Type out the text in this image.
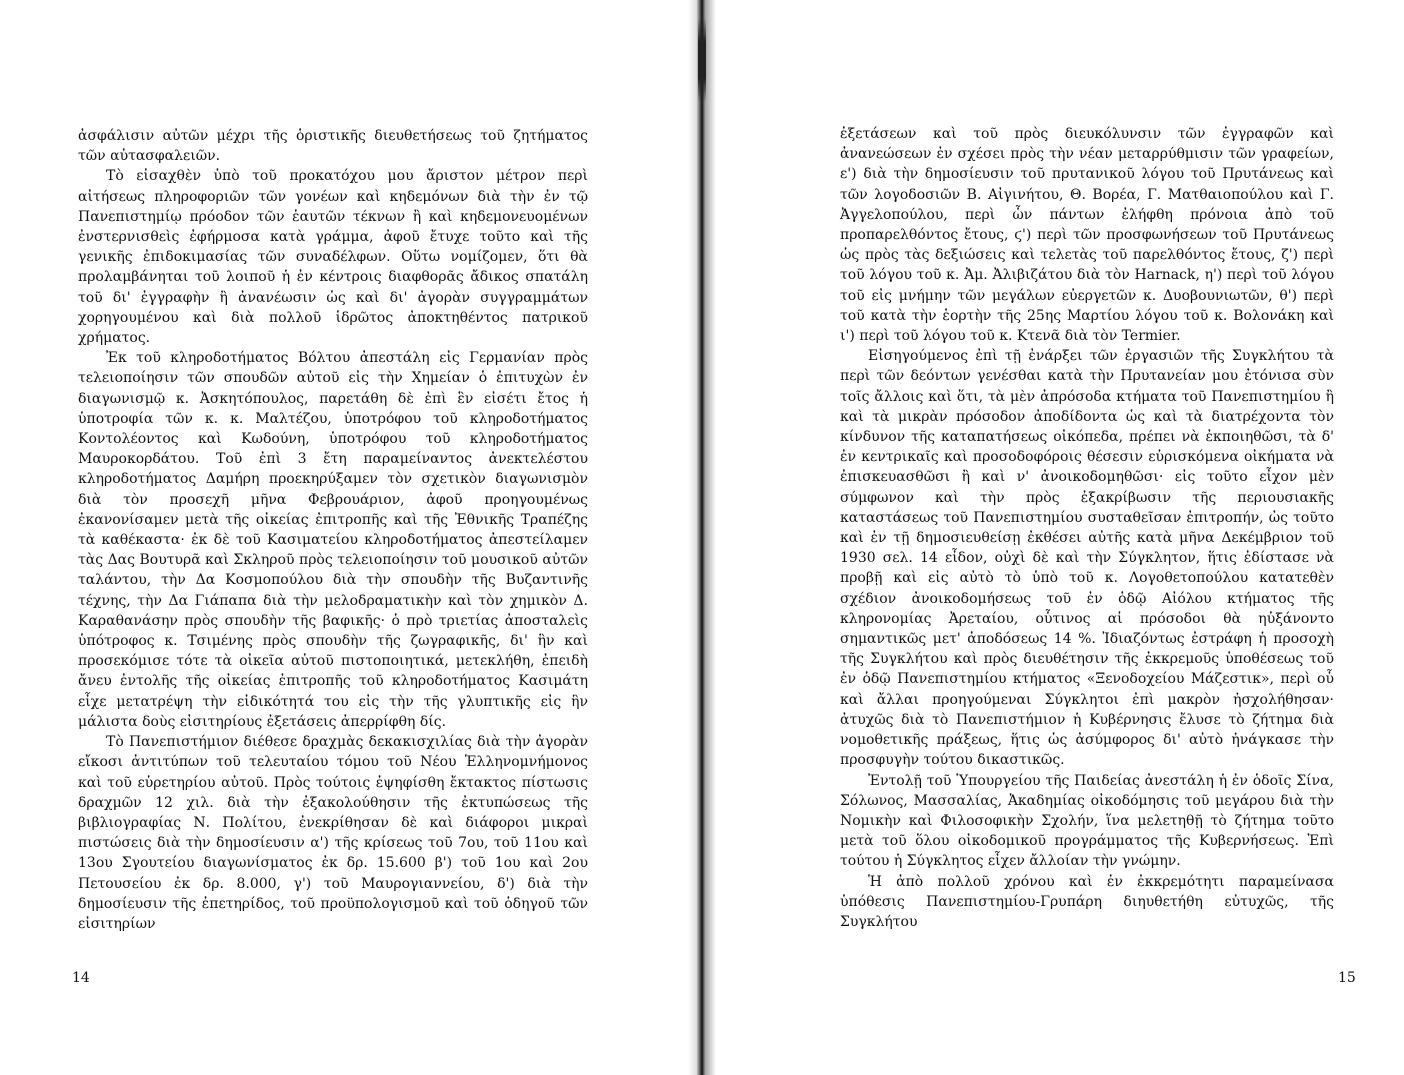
ἀσφάλισιν αὐτῶν μέχρι τῆς ὁριστικῆς διευθετήσεως τοῦ ζητήματος τῶν αὐτασφαλειῶν.

Τὸ εἰσαχθὲν ὑπὸ τοῦ προκατόχου μου ἄριστον μέτρον περὶ αἰτήσεως πληροφοριῶν τῶν γονέων καὶ κηδεμόνων διὰ τὴν ἐν τῷ Πανεπιστημίῳ πρόοδον τῶν ἑαυτῶν τέκνων ἢ καὶ κηδεμονευομένων ἐνστερνισθεὶς ἐφήρμοσα κατὰ γράμμα, ἀφοῦ ἔτυχε τοῦτο καὶ τῆς γενικῆς ἐπιδοκιμασίας τῶν συναδέλφων. Οὕτω νομίζομεν, ὅτι θὰ προλαμβάνηται τοῦ λοιποῦ ἡ ἐν κέντροις διαφθορᾶς ἄδικος σπατάλη τοῦ δι' ἐγγραφὴν ἢ ἀνανέωσιν ὡς καὶ δι' ἀγορὰν συγγραμμάτων χορηγουμένου καὶ διὰ πολλοῦ ἱδρῶτος ἀποκτηθέντος πατρικοῦ χρήματος.

Ἐκ τοῦ κληροδοτήματος Βόλτου ἀπεστάλη εἰς Γερμανίαν πρὸς τελειοποίησιν τῶν σπουδῶν αὐτοῦ εἰς τὴν Χημείαν ὁ ἐπιτυχὼν ἐν διαγωνισμῷ κ. Ἀσκητόπουλος, παρετάθη δὲ ἐπὶ ἓν εἰσέτι ἔτος ἡ ὑποτροφία τῶν κ. κ. Μαλτέζου, ὑποτρόφου τοῦ κληροδοτήματος Κοντολέοντος καὶ Κωδούνη, ὑποτρόφου τοῦ κληροδοτήματος Μαυροκορδάτου. Τοῦ ἐπὶ 3 ἔτη παραμείναντος ἀνεκτελέστου κληροδοτήματος Δαμήρη προεκηρύξαμεν τὸν σχετικὸν διαγωνισμὸν διὰ τὸν προσεχῆ μῆνα Φεβρουάριον, ἀφοῦ προηγουμένως ἐκανονίσαμεν μετὰ τῆς οἰκείας ἐπιτροπῆς καὶ τῆς Ἐθνικῆς Τραπέζης τὰ καθέκαστα· ἐκ δὲ τοῦ Κασιματείου κληροδοτήματος ἀπεστείλαμεν τὰς Δας Βουτυρᾶ καὶ Σκληροῦ πρὸς τελειοποίησιν τοῦ μουσικοῦ αὐτῶν ταλάντου, τὴν Δα Κοσμοπούλου διὰ τὴν σπουδὴν τῆς Βυζαντινῆς τέχνης, τὴν Δα Γιάπαπα διὰ τὴν μελοδραματικὴν καὶ τὸν χημικὸν Δ. Καραθανάσην πρὸς σπουδὴν τῆς βαφικῆς· ὁ πρὸ τριετίας ἀποσταλεὶς ὑπότροφος κ. Τσιμένης πρὸς σπουδὴν τῆς ζωγραφικῆς, δι' ἣν καὶ προσεκόμισε τότε τὰ οἰκεῖα αὐτοῦ πιστοποιητικά, μετεκλήθη, ἐπειδὴ ἄνευ ἐντολῆς τῆς οἰκείας ἐπιτροπῆς τοῦ κληροδοτήματος Κασιμάτη εἶχε μετατρέψη τὴν εἰδικότητά του εἰς τὴν τῆς γλυπτικῆς εἰς ἣν μάλιστα δοὺς εἰσιτηρίους ἐξετάσεις ἀπερρίφθη δίς.

Τὸ Πανεπιστήμιον διέθεσε δραχμὰς δεκακισχιλίας διὰ τὴν ἀγορὰν εἴκοσι ἀντιτύπων τοῦ τελευταίου τόμου τοῦ Νέου Ἑλληνομνήμονος καὶ τοῦ εὑρετηρίου αὐτοῦ. Πρὸς τούτοις ἐψηφίσθη ἔκτακτος πίστωσις δραχμῶν 12 χιλ. διὰ τὴν ἐξακολούθησιν τῆς ἐκτυπώσεως τῆς βιβλιογραφίας Ν. Πολίτου, ἐνεκρίθησαν δὲ καὶ διάφοροι μικραὶ πιστώσεις διὰ τὴν δημοσίευσιν α') τῆς κρίσεως τοῦ 7ου, τοῦ 11ου καὶ 13ου Σγουτείου διαγωνίσματος ἐκ δρ. 15.600 β') τοῦ 1ου καὶ 2ου Πετουσείου ἐκ δρ. 8.000, γ') τοῦ Μαυρογιαννείου, δ') διὰ τὴν δημοσίευσιν τῆς ἐπετηρίδος, τοῦ προϋπολογισμοῦ καὶ τοῦ ὁδηγοῦ τῶν εἰσιτηρίων

14

ἐξετάσεων καὶ τοῦ πρὸς διευκόλυνσιν τῶν ἐγγραφῶν καὶ ἀνανεώσεων ἐν σχέσει πρὸς τὴν νέαν μεταρρύθμισιν τῶν γραφείων, ε') διὰ τὴν δημοσίευσιν τοῦ πρυτανικοῦ λόγου τοῦ Πρυτάνεως καὶ τῶν λογοδοσιῶν Β. Αἰγινήτου, Θ. Βορέα, Γ. Ματθαιοπούλου καὶ Γ. Ἀγγελοπούλου, περὶ ὧν πάντων ἐλήφθη πρόνοια ἀπὸ τοῦ προπαρελθόντος ἔτους, ϛ') περὶ τῶν προσφωνήσεων τοῦ Πρυτάνεως ὡς πρὸς τὰς δεξιώσεις καὶ τελετὰς τοῦ παρελθόντος ἔτους, ζ') περὶ τοῦ λόγου τοῦ κ. Ἀμ. Ἀλιβιζάτου διὰ τὸν Harnack, η') περὶ τοῦ λόγου τοῦ εἰς μνήμην τῶν μεγάλων εὐεργετῶν κ. Δυοβουνιωτῶν, θ') περὶ τοῦ κατὰ τὴν ἑορτὴν τῆς 25ης Μαρτίου λόγου τοῦ κ. Βολονάκη καὶ ι') περὶ τοῦ λόγου τοῦ κ. Κτενᾶ διὰ τὸν Termier.

Εἰσηγούμενος ἐπὶ τῇ ἐνάρξει τῶν ἐργασιῶν τῆς Συγκλήτου τὰ περὶ τῶν δεόντων γενέσθαι κατὰ τὴν Πρυτανείαν μου ἐτόνισα σὺν τοῖς ἄλλοις καὶ ὅτι, τὰ μὲν ἀπρόσοδα κτήματα τοῦ Πανεπιστημίου ἢ καὶ τὰ μικρὰν πρόσοδον ἀποδίδοντα ὡς καὶ τὰ διατρέχοντα τὸν κίνδυνον τῆς καταπατήσεως οἰκόπεδα, πρέπει νὰ ἐκποιηθῶσι, τὰ δ' ἐν κεντρικαῖς καὶ προσοδοφόροις θέσεσιν εὑρισκόμενα οἰκήματα νὰ ἐπισκευασθῶσι ἢ καὶ ν' ἀνοικοδομηθῶσι· εἰς τοῦτο εἶχον μὲν σύμφωνον καὶ τὴν πρὸς ἐξακρίβωσιν τῆς περιουσιακῆς καταστάσεως τοῦ Πανεπιστημίου συσταθεῖσαν ἐπιτροπήν, ὡς τοῦτο καὶ ἐν τῇ δημοσιευθείσῃ ἐκθέσει αὐτῆς κατὰ μῆνα Δεκέμβριον τοῦ 1930 σελ. 14 εἶδον, οὐχὶ δὲ καὶ τὴν Σύγκλητον, ἥτις ἐδίστασε νὰ προβῇ καὶ εἰς αὐτὸ τὸ ὑπὸ τοῦ κ. Λογοθετοπούλου κατατεθὲν σχέδιον ἀνοικοδομήσεως τοῦ ἐν ὁδῷ Αἰόλου κτήματος τῆς κληρονομίας Ἀρεταίου, οὗτινος αἱ πρόσοδοι θὰ ηὐξάνοντο σημαντικῶς μετ' ἀποδόσεως 14 %. Ἰδιαζόντως ἐστράφη ἡ προσοχὴ τῆς Συγκλήτου καὶ πρὸς διευθέτησιν τῆς ἐκκρεμοῦς ὑποθέσεως τοῦ ἐν ὁδῷ Πανεπιστημίου κτήματος «Ξενοδοχείου Μάζεστικ», περὶ οὗ καὶ ἄλλαι προηγούμεναι Σύγκλητοι ἐπὶ μακρὸν ἠσχολήθησαν· ἀτυχῶς διὰ τὸ Πανεπιστήμιον ἡ Κυβέρνησις ἔλυσε τὸ ζήτημα διὰ νομοθετικῆς πράξεως, ἥτις ὡς ἀσύμφορος δι' αὐτὸ ἠνάγκασε τὴν προσφυγὴν τούτου δικαστικῶς.

Ἐντολῇ τοῦ Ὑπουργείου τῆς Παιδείας ἀνεστάλη ἡ ἐν ὁδοῖς Σίνα, Σόλωνος, Μασσαλίας, Ἀκαδημίας οἰκοδόμησις τοῦ μεγάρου διὰ τὴν Νομικὴν καὶ Φιλοσοφικὴν Σχολήν, ἵνα μελετηθῇ τὸ ζήτημα τοῦτο μετὰ τοῦ ὅλου οἰκοδομικοῦ προγράμματος τῆς Κυβερνήσεως. Ἐπὶ τούτου ἡ Σύγκλητος εἶχεν ἄλλοίαν τὴν γνώμην.

Ἡ ἀπὸ πολλοῦ χρόνου καὶ ἐν ἐκκρεμότητι παραμείνασα ὑπόθεσις Πανεπιστημίου-Γρυπάρη διηυθετήθη εὐτυχῶς, τῆς Συγκλήτου

15
